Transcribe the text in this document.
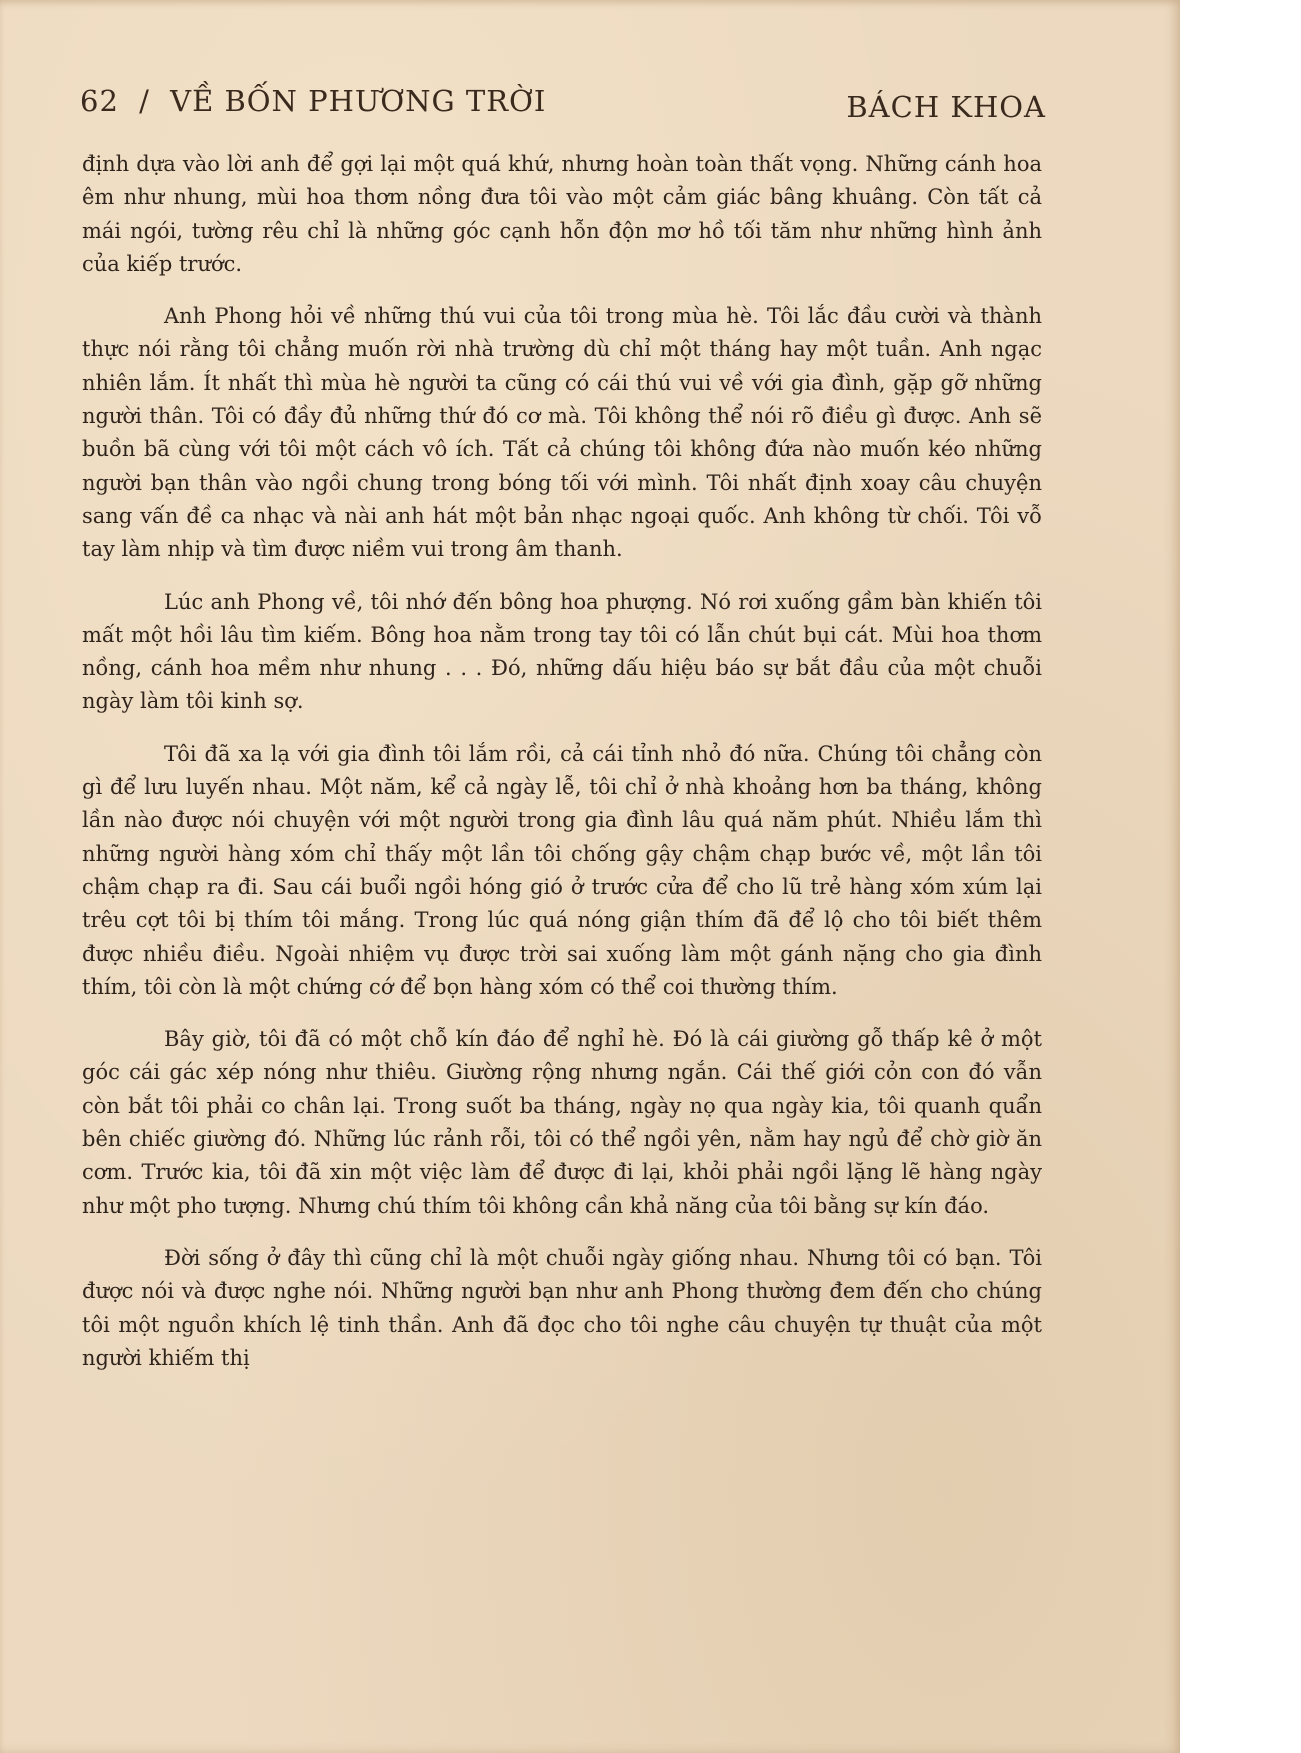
62 / VỀ BỐN PHƯƠNG TRỜI	BÁCH KHOA

định dựa vào lời anh để gợi lại một quá khứ, nhưng hoàn toàn thất vọng. Những cánh hoa êm như nhung, mùi hoa thơm nồng đưa tôi vào một cảm giác bâng khuâng. Còn tất cả mái ngói, tường rêu chỉ là những góc cạnh hỗn độn mơ hồ tối tăm như những hình ảnh của kiếp trước.

Anh Phong hỏi về những thú vui của tôi trong mùa hè. Tôi lắc đầu cười và thành thực nói rằng tôi chẳng muốn rời nhà trường dù chỉ một tháng hay một tuần. Anh ngạc nhiên lắm. Ít nhất thì mùa hè người ta cũng có cái thú vui về với gia đình, gặp gỡ những người thân. Tôi có đầy đủ những thứ đó cơ mà. Tôi không thể nói rõ điều gì được. Anh sẽ buồn bã cùng với tôi một cách vô ích. Tất cả chúng tôi không đứa nào muốn kéo những người bạn thân vào ngồi chung trong bóng tối với mình. Tôi nhất định xoay câu chuyện sang vấn đề ca nhạc và nài anh hát một bản nhạc ngoại quốc. Anh không từ chối. Tôi vỗ tay làm nhịp và tìm được niềm vui trong âm thanh.

Lúc anh Phong về, tôi nhớ đến bông hoa phượng. Nó rơi xuống gầm bàn khiến tôi mất một hồi lâu tìm kiếm. Bông hoa nằm trong tay tôi có lẫn chút bụi cát. Mùi hoa thơm nồng, cánh hoa mềm như nhung . . . Đó, những dấu hiệu báo sự bắt đầu của một chuỗi ngày làm tôi kinh sợ.

Tôi đã xa lạ với gia đình tôi lắm rồi, cả cái tỉnh nhỏ đó nữa. Chúng tôi chẳng còn gì để lưu luyến nhau. Một năm, kể cả ngày lễ, tôi chỉ ở nhà khoảng hơn ba tháng, không lần nào được nói chuyện với một người trong gia đình lâu quá năm phút. Nhiều lắm thì những người hàng xóm chỉ thấy một lần tôi chống gậy chậm chạp bước về, một lần tôi chậm chạp ra đi. Sau cái buổi ngồi hóng gió ở trước cửa để cho lũ trẻ hàng xóm xúm lại trêu cợt tôi bị thím tôi mắng. Trong lúc quá nóng giận thím đã để lộ cho tôi biết thêm được nhiều điều. Ngoài nhiệm vụ được trời sai xuống làm một gánh nặng cho gia đình thím, tôi còn là một chứng cớ để bọn hàng xóm có thể coi thường thím.

Bây giờ, tôi đã có một chỗ kín đáo để nghỉ hè. Đó là cái giường gỗ thấp kê ở một góc cái gác xép nóng như thiêu. Giường rộng nhưng ngắn. Cái thế giới cỏn con đó vẫn còn bắt tôi phải co chân lại. Trong suốt ba tháng, ngày nọ qua ngày kia, tôi quanh quẩn bên chiếc giường đó. Những lúc rảnh rỗi, tôi có thể ngồi yên, nằm hay ngủ để chờ giờ ăn cơm. Trước kia, tôi đã xin một việc làm để được đi lại, khỏi phải ngồi lặng lẽ hàng ngày như một pho tượng. Nhưng chú thím tôi không cần khả năng của tôi bằng sự kín đáo.

Đời sống ở đây thì cũng chỉ là một chuỗi ngày giống nhau. Nhưng tôi có bạn. Tôi được nói và được nghe nói. Những người bạn như anh Phong thường đem đến cho chúng tôi một nguồn khích lệ tinh thần. Anh đã đọc cho tôi nghe câu chuyện tự thuật của một người khiếm thị
